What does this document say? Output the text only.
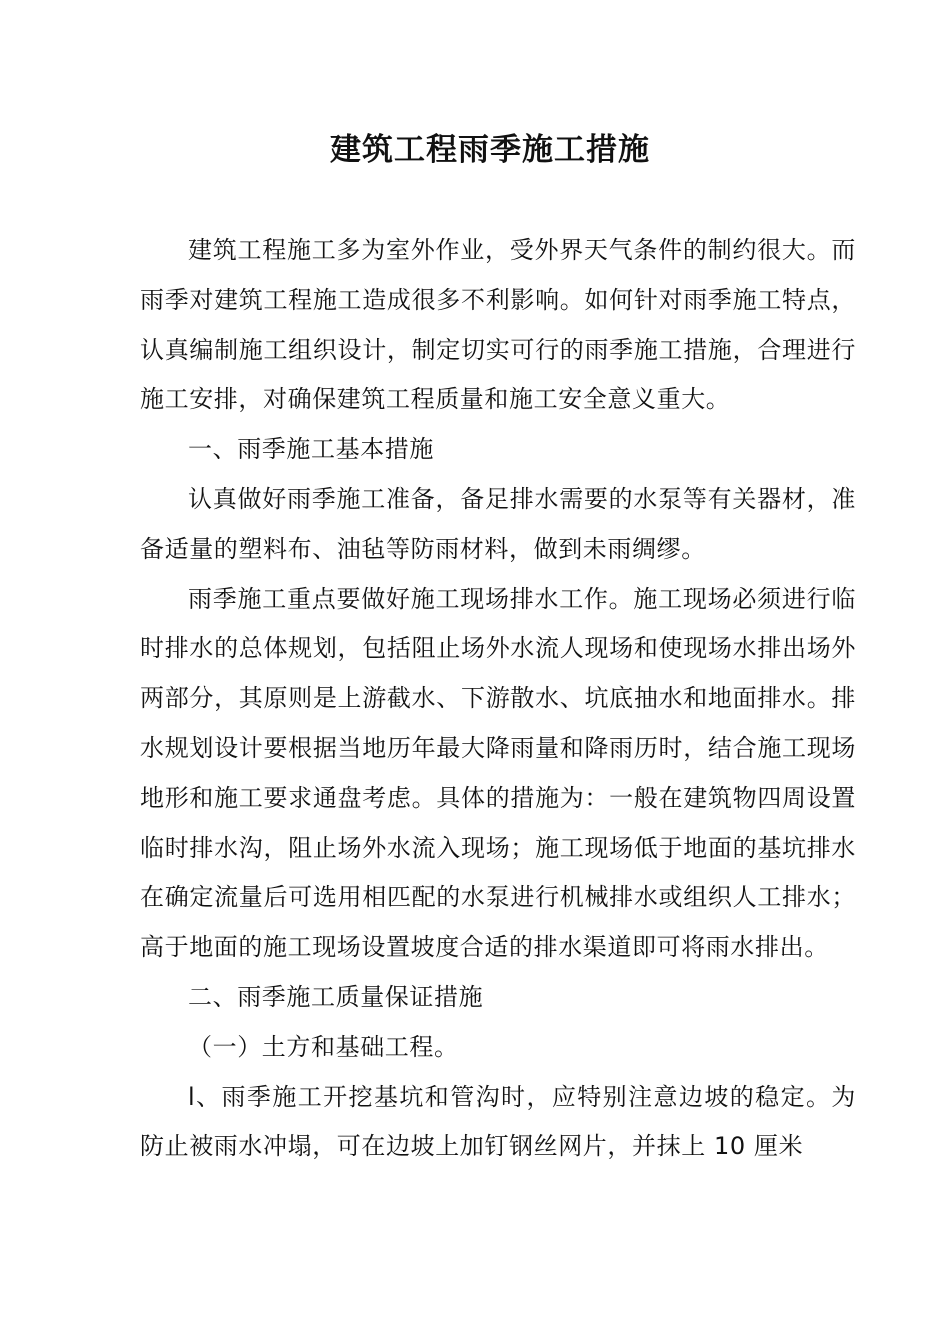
建筑工程雨季施工措施

建筑工程施工多为室外作业，受外界天气条件的制约很大。而雨季对建筑工程施工造成很多不利影响。如何针对雨季施工特点，认真编制施工组织设计，制定切实可行的雨季施工措施，合理进行施工安排，对确保建筑工程质量和施工安全意义重大。

一、雨季施工基本措施

认真做好雨季施工准备，备足排水需要的水泵等有关器材，准备适量的塑料布、油毡等防雨材料，做到未雨绸缪。

雨季施工重点要做好施工现场排水工作。施工现场必须进行临时排水的总体规划，包括阻止场外水流人现场和使现场水排出场外两部分，其原则是上游截水、下游散水、坑底抽水和地面排水。排水规划设计要根据当地历年最大降雨量和降雨历时，结合施工现场地形和施工要求通盘考虑。具体的措施为：一般在建筑物四周设置临时排水沟，阻止场外水流入现场；施工现场低于地面的基坑排水在确定流量后可选用相匹配的水泵进行机械排水或组织人工排水；高于地面的施工现场设置坡度合适的排水渠道即可将雨水排出。

二、雨季施工质量保证措施

（一）土方和基础工程。

l、雨季施工开挖基坑和管沟时，应特别注意边坡的稳定。为防止被雨水冲塌，可在边坡上加钉钢丝网片，并抹上 10 厘米
